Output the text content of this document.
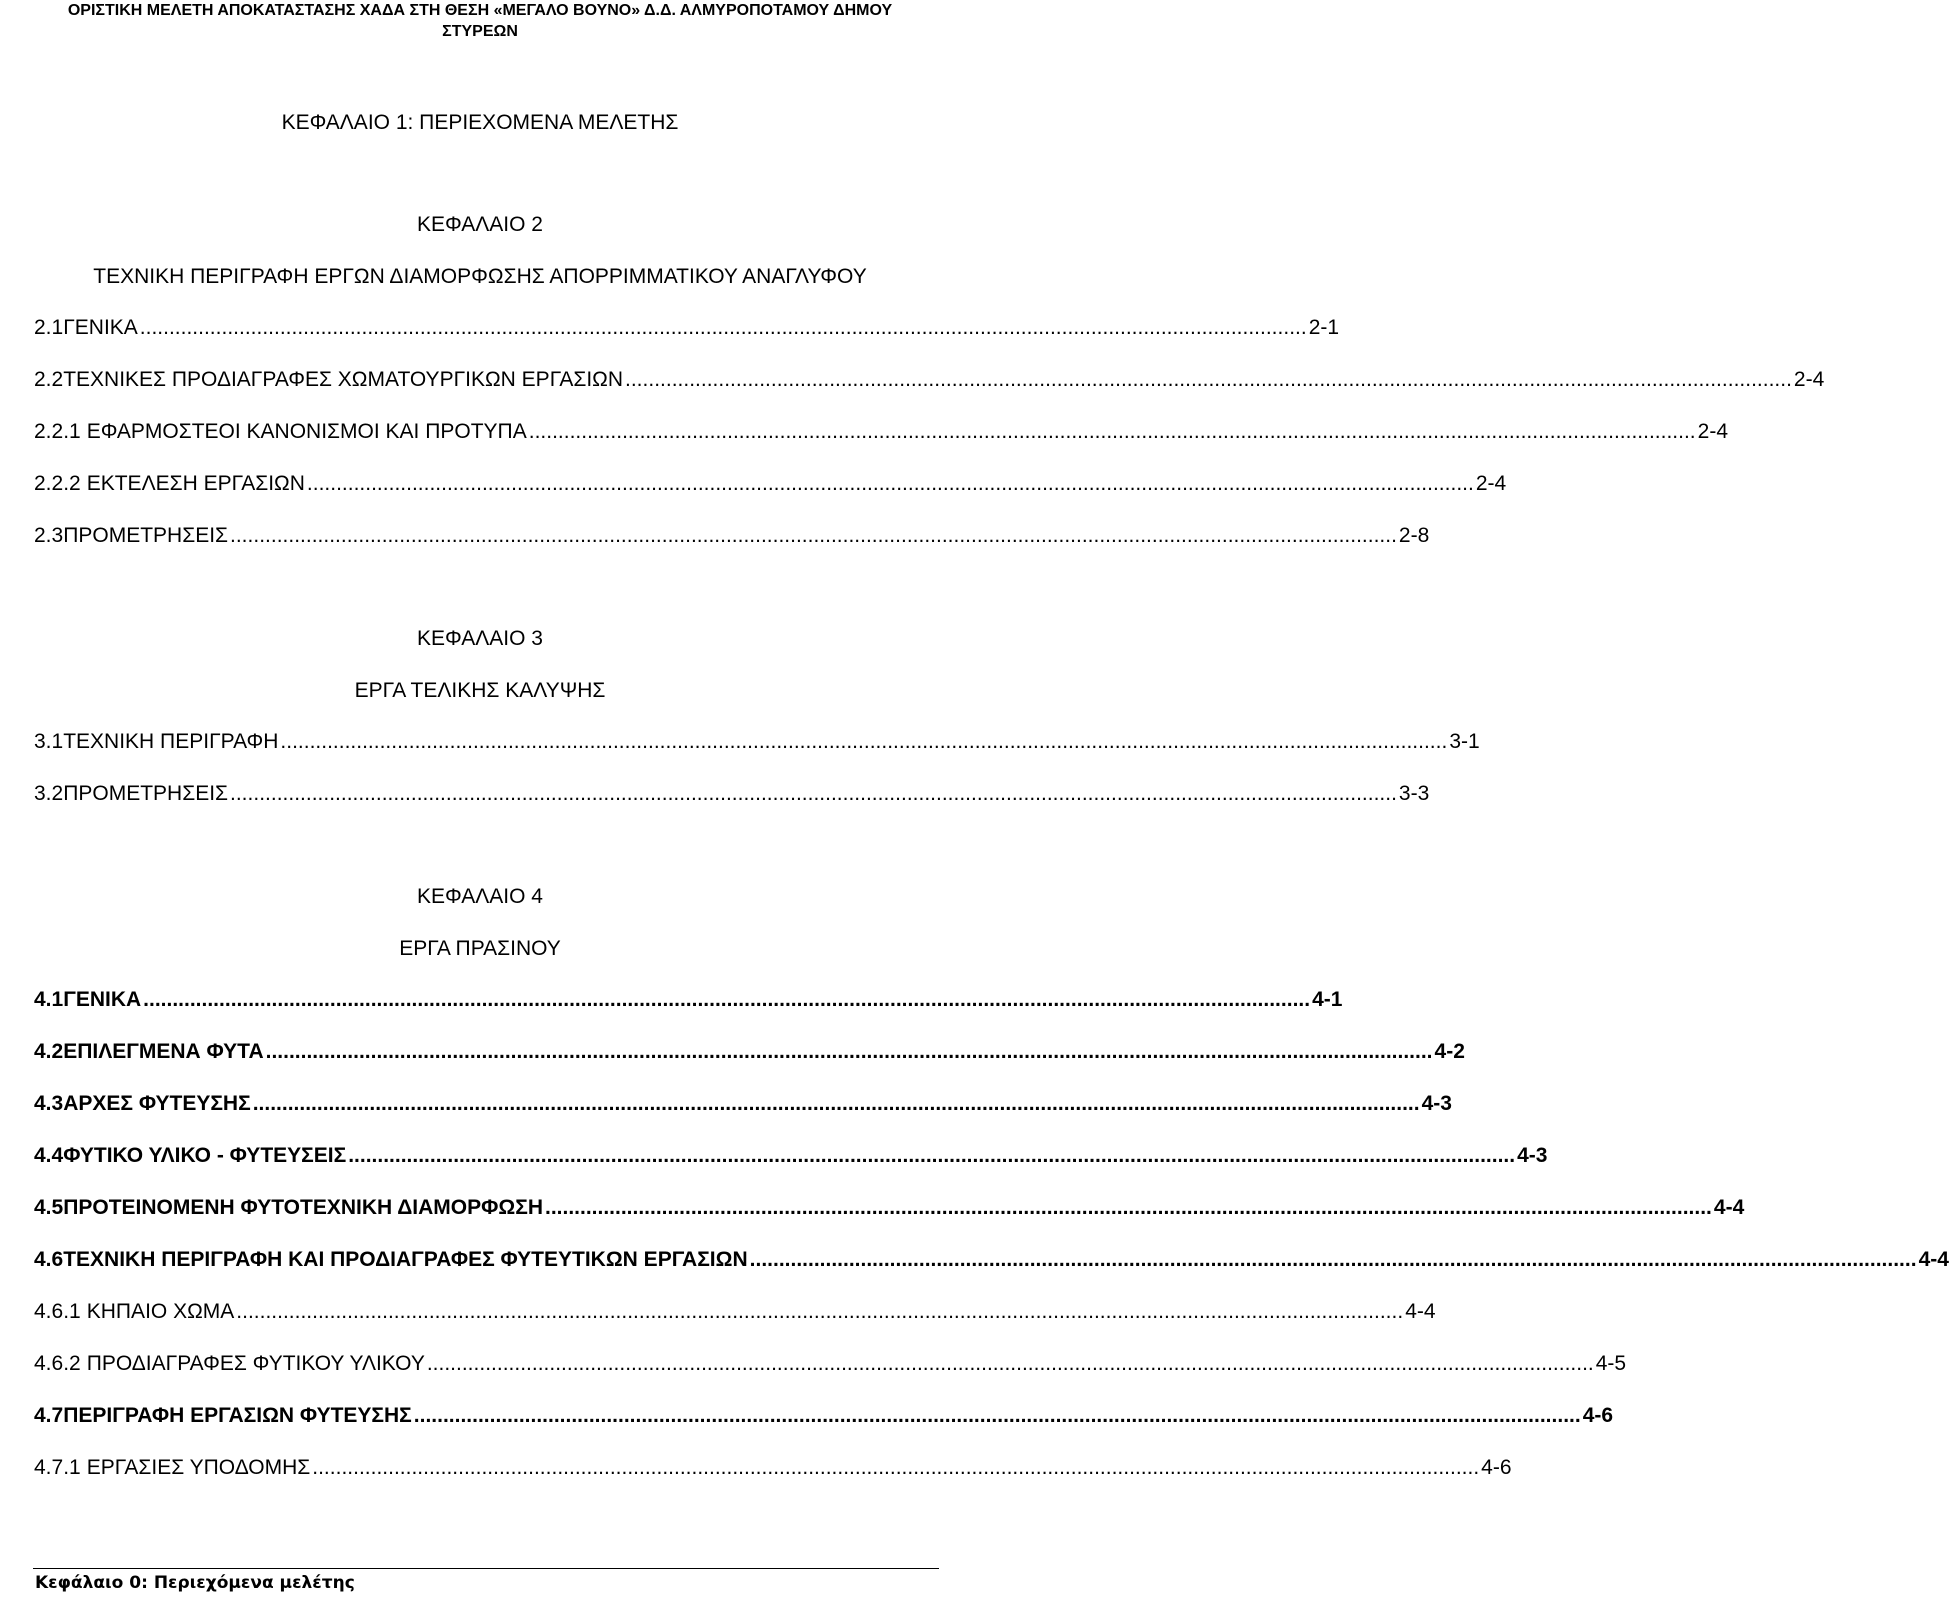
ΟΡΙΣΤΙΚΗ ΜΕΛΕΤΗ ΑΠΟΚΑΤΑΣΤΑΣΗΣ ΧΑΔΑ ΣΤΗ ΘΕΣΗ «ΜΕΓΑΛΟ ΒΟΥΝΟ» Δ.Δ. ΑΛΜΥΡΟΠΟΤΑΜΟΥ ΔΗΜΟΥ
ΣΤΥΡΕΩΝ
ΚΕΦΑΛΑΙΟ 1: ΠΕΡΙΕΧΟΜΕΝΑ ΜΕΛΕΤΗΣ
ΚΕΦΑΛΑΙΟ 2
ΤΕΧΝΙΚΗ ΠΕΡΙΓΡΑΦΗ ΕΡΓΩΝ ΔΙΑΜΟΡΦΩΣΗΣ ΑΠΟΡΡΙΜΜΑΤΙΚΟΥ ΑΝΑΓΛΥΦΟΥ
2.1 ΓΕΝΙΚΑ ........................................................................................................................................................................................................ 2-1
2.2 ΤΕΧΝΙΚΕΣ ΠΡΟΔΙΑΓΡΑΦΕΣ ΧΩΜΑΤΟΥΡΓΙΚΩΝ ΕΡΓΑΣΙΩΝ ........................................................................................................................................................................................................ 2-4
2.2.1 ΕΦΑΡΜΟΣΤΕΟΙ ΚΑΝΟΝΙΣΜΟΙ ΚΑΙ ΠΡΟΤΥΠΑ ........................................................................................................................................................................................................ 2-4
2.2.2 ΕΚΤΕΛΕΣΗ ΕΡΓΑΣΙΩΝ ........................................................................................................................................................................................................ 2-4
2.3 ΠΡΟΜΕΤΡΗΣΕΙΣ ........................................................................................................................................................................................................ 2-8
ΚΕΦΑΛΑΙΟ 3
ΕΡΓΑ ΤΕΛΙΚΗΣ ΚΑΛΥΨΗΣ
3.1 ΤΕΧΝΙΚΗ ΠΕΡΙΓΡΑΦΗ ........................................................................................................................................................................................................ 3-1
3.2 ΠΡΟΜΕΤΡΗΣΕΙΣ ........................................................................................................................................................................................................ 3-3
ΚΕΦΑΛΑΙΟ 4
ΕΡΓΑ ΠΡΑΣΙΝΟΥ
4.1 ΓΕΝΙΚΑ ........................................................................................................................................................................................................ 4-1
4.2 ΕΠΙΛΕΓΜΕΝΑ ΦΥΤΑ ........................................................................................................................................................................................................ 4-2
4.3 ΑΡΧΕΣ ΦΥΤΕΥΣΗΣ ........................................................................................................................................................................................................ 4-3
4.4 ΦΥΤΙΚΟ ΥΛΙΚΟ - ΦΥΤΕΥΣΕΙΣ ........................................................................................................................................................................................................ 4-3
4.5 ΠΡΟΤΕΙΝΟΜΕΝΗ ΦΥΤΟΤΕΧΝΙΚΗ ΔΙΑΜΟΡΦΩΣΗ ........................................................................................................................................................................................................ 4-4
4.6 ΤΕΧΝΙΚΗ ΠΕΡΙΓΡΑΦΗ ΚΑΙ ΠΡΟΔΙΑΓΡΑΦΕΣ ΦΥΤΕΥΤΙΚΩΝ ΕΡΓΑΣΙΩΝ ........................................................................................................................................................................................................ 4-4
4.6.1 ΚΗΠΑΙΟ ΧΩΜΑ ........................................................................................................................................................................................................ 4-4
4.6.2 ΠΡΟΔΙΑΓΡΑΦΕΣ ΦΥΤΙΚΟΥ ΥΛΙΚΟΥ ........................................................................................................................................................................................................ 4-5
4.7 ΠΕΡΙΓΡΑΦΗ ΕΡΓΑΣΙΩΝ ΦΥΤΕΥΣΗΣ ........................................................................................................................................................................................................ 4-6
4.7.1 ΕΡΓΑΣΙΕΣ ΥΠΟΔΟΜΗΣ ........................................................................................................................................................................................................ 4-6
Κεφάλαιο 0: Περιεχόμενα μελέτης
